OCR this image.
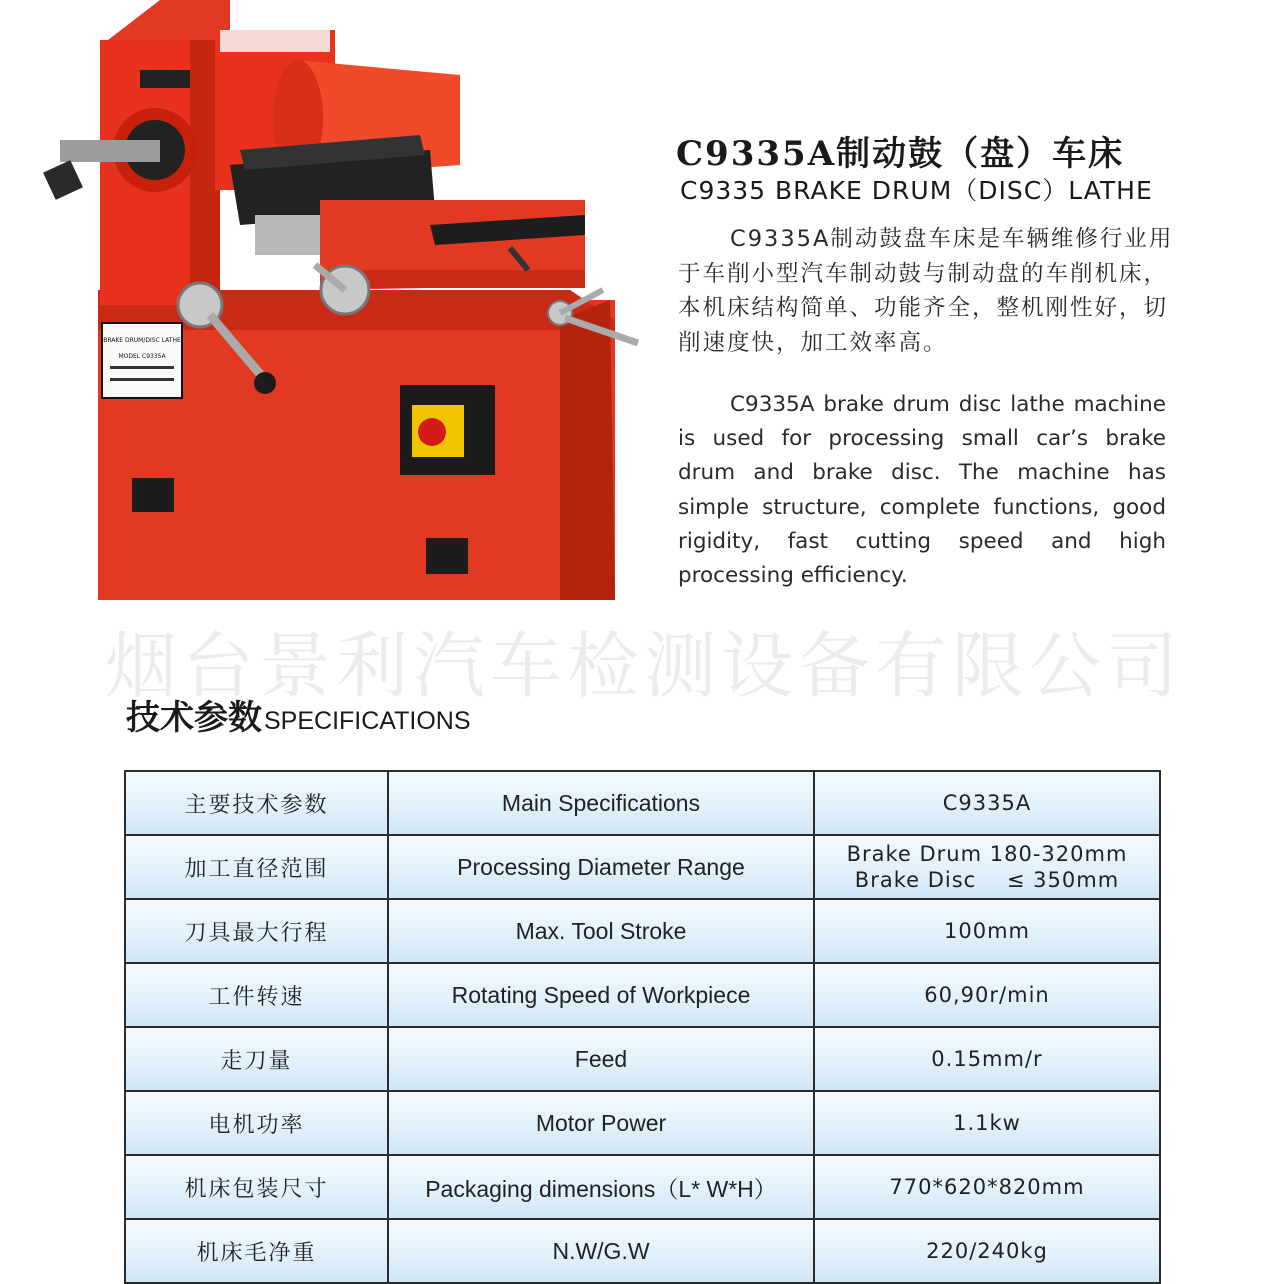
BRAKE DRUM/DISC LATHE
MODEL C9335A
C9335A制动鼓（盘）车床
C9335 BRAKE DRUM（DISC）LATHE

C9335A制动鼓盘车床是车辆维修行业用于车削小型汽车制动鼓与制动盘的车削机床，本机床结构简单、功能齐全，整机刚性好，切削速度快，加工效率高。

C9335A brake drum disc lathe machine is used for processing small car’s brake drum and brake disc. The machine has simple structure, complete functions, good rigidity, fast cutting speed and high processing efficiency.

烟台景利汽车检测设备有限公司
技术参数SPECIFICATIONS
主要技术参数	Main Specifications	C9335A
加工直径范围	Processing Diameter Range	Brake Drum 180-320mm
Brake Disc    ≤ 350mm

刀具最大行程	Max. Tool Stroke	100mm
工件转速	Rotating Speed of Workpiece	60,90r/min
走刀量	Feed	0.15mm/r
电机功率	Motor Power	1.1kw
机床包装尺寸	Packaging dimensions（L* W*H）	770*620*820mm
机床毛净重	N.W/G.W	220/240kg
